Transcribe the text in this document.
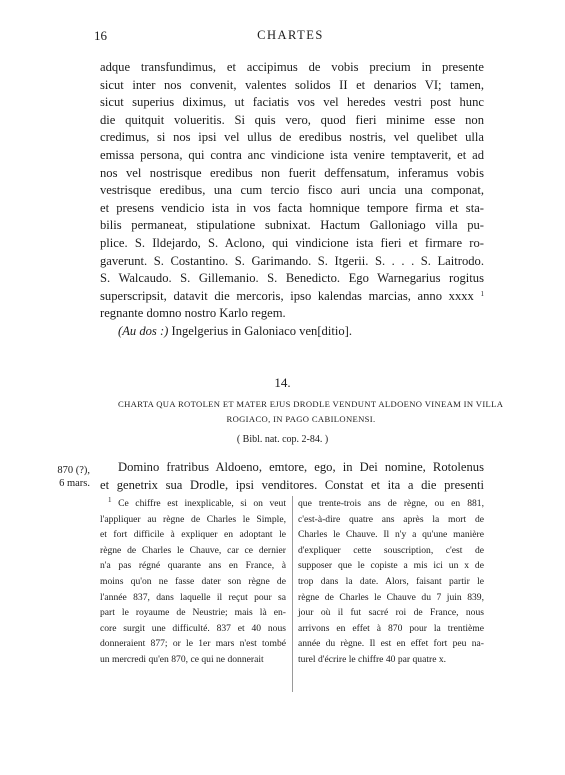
16	CHARTES
adque transfundimus, et accipimus de vobis precium in presente
sicut inter nos convenit, valentes solidos II et denarios VI; tamen,
sicut superius diximus, ut faciatis vos vel heredes vestri post hunc
die quitquit volueritis. Si quis vero, quod fieri minime esse non
credimus, si nos ipsi vel ullus de eredibus nostris, vel quelibet ulla
emissa persona, qui contra anc vindicione ista venire temptaverit, et ad
nos vel nostrisque eredibus non fuerit deffensatum, inferamus vobis
vestrisque eredibus, una cum tercio fisco auri uncia una componat,
et presens vendicio ista in vos facta homnique tempore firma et sta-
bilis permaneat, stipulatione subnixat. Hactum Galloniago villa pu-
plice. S. Ildejardo, S. Aclono, qui vindicione ista fieri et firmare ro-
gaverunt. S. Costantino. S. Garimando. S. Itgerii. S. . . . S. Laitrodo.
S. Walcaudo. S. Gillemanio. S. Benedicto. Ego Warnegarius rogitus
superscripsit, datavit die mercoris, ipso kalendas marcias, anno xxxx $^1$
regnante domno nostro Karlo regem.
(Au dos :) Ingelgerius in Galoniaco ven[ditio].
14.
CHARTA QUA ROTOLEN ET MATER EJUS DRODLE VENDUNT ALDOENO VINEAM IN VILLA
ROGIACO, IN PAGO CABILONENSI.
( Bibl. nat. cop. 2-84. )
870 (?),
6 mars.
Domino fratribus Aldoeno, emtore, ego, in Dei nomine, Rotolenus
et genetrix sua Drodle, ipsi venditores. Constat et ita a die presenti
$^1$ Ce chiffre est inexplicable, si on veut
l'appliquer au règne de Charles le Simple,
et fort difficile à expliquer en adoptant le
règne de Charles le Chauve, car ce dernier
n'a pas régné quarante ans en France, à
moins qu'on ne fasse dater son règne de
l'année 837, dans laquelle il reçut pour sa
part le royaume de Neustrie; mais là en-
core surgit une difficulté. 837 et 40 nous
donneraient 877; or le 1er mars n'est tombé
un mercredi qu'en 870, ce qui ne donnerait
que trente-trois ans de règne, ou en 881,
c'est-à-dire quatre ans après la mort de
Charles le Chauve. Il n'y a qu'une manière
d'expliquer cette souscription, c'est de
supposer que le copiste a mis ici un x de
trop dans la date. Alors, faisant partir le
règne de Charles le Chauve du 7 juin 839,
jour où il fut sacré roi de France, nous
arrivons en effet à 870 pour la trentième
année du règne. Il est en effet fort peu na-
turel d'écrire le chiffre 40 par quatre x.
